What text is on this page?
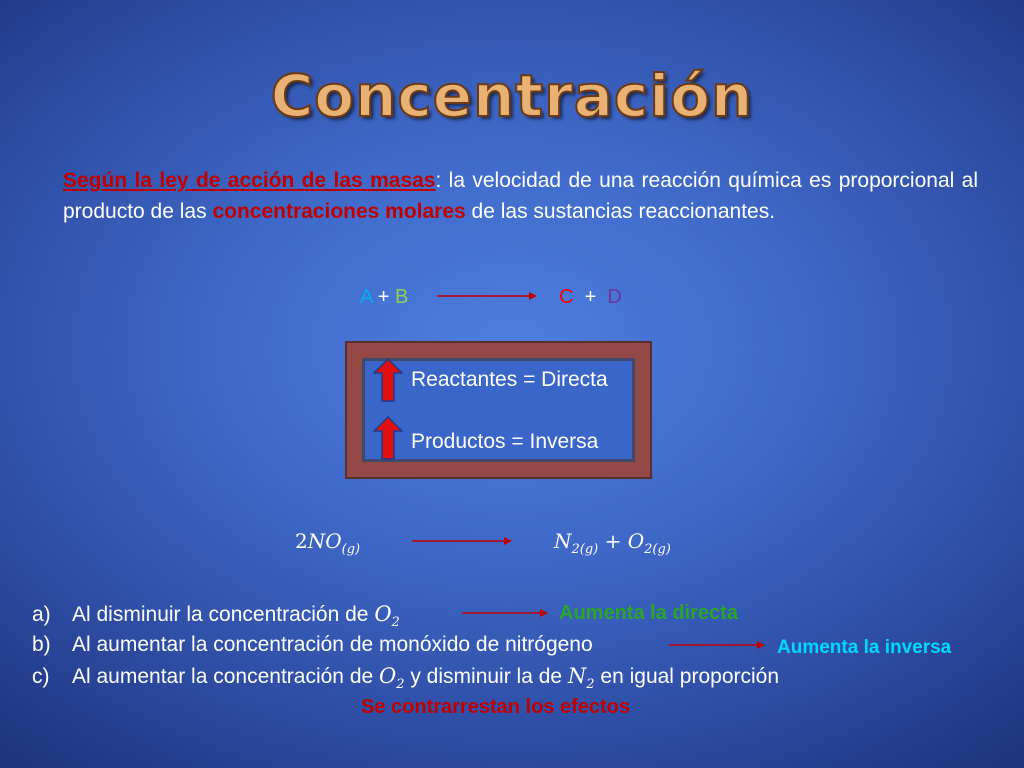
Concentración
Según la ley de acción de las masas: la velocidad de una reacción química es proporcional al producto de las concentraciones molares de las sustancias reaccionantes.
A + B	C  +  D
Reactantes = Directa
Productos = Inversa
$2NO_{(g)}$	$N_{2(g)} + O_{2(g)}$
a) Al disminuir la concentración de $O_2$	Aumenta la directa
b) Al aumentar la concentración de monóxido de nitrógeno	Aumenta la inversa
c) Al aumentar la concentración de $O_2$ y disminuir la de $N_2$ en igual proporción
Se contrarrestan los efectos
